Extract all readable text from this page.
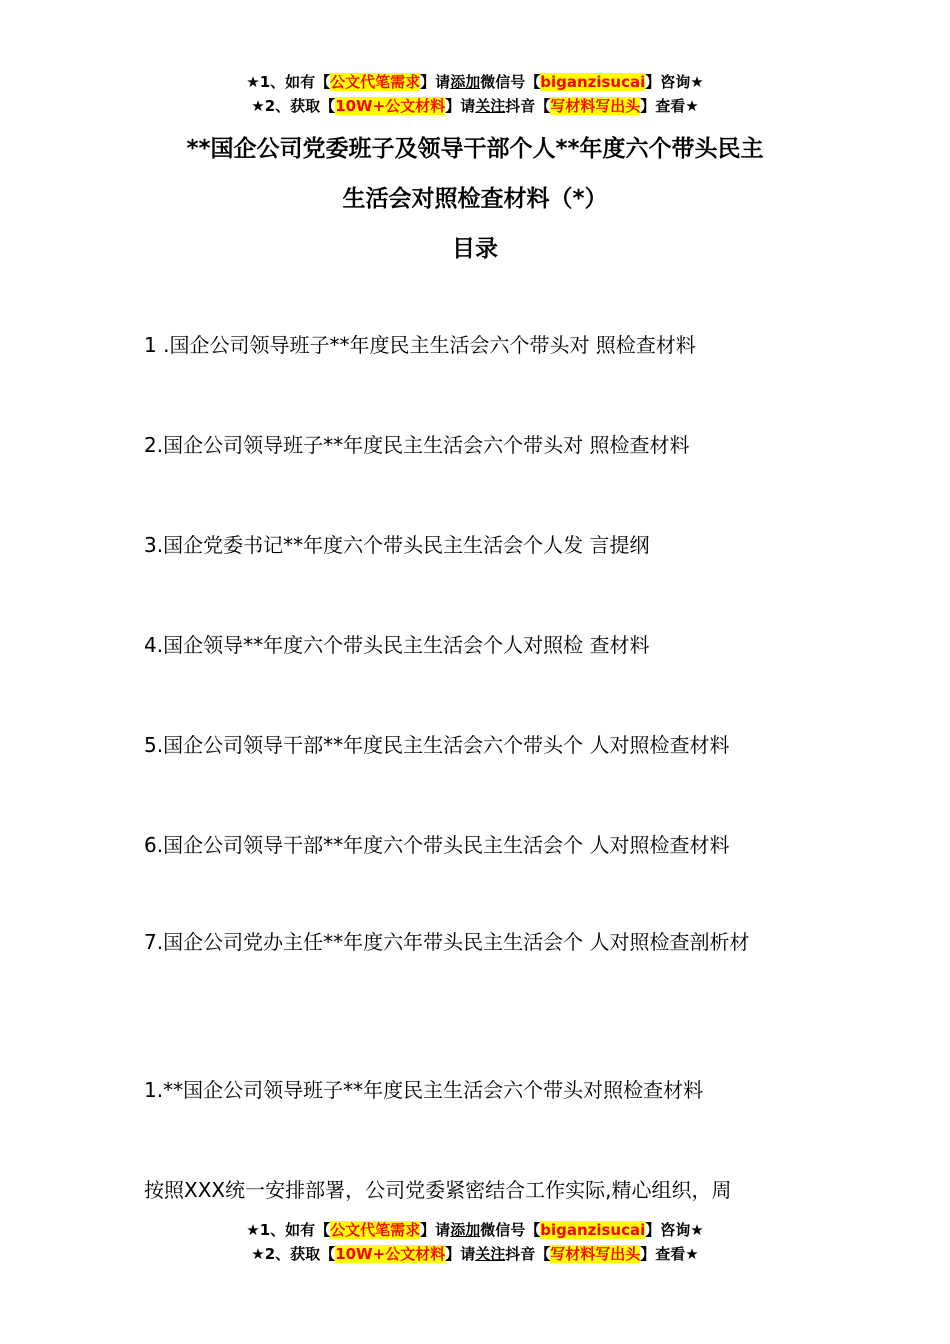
★1、如有【公文代笔需求】请添加微信号【biganzisucai】咨询★
★2、获取【10W+公文材料】请关注抖音【写材料写出头】查看★
**国企公司党委班子及领导干部个人**年度六个带头民主
生活会对照检查材料（*）
目录
1 .国企公司领导班子**年度民主生活会六个带头对 照检查材料
2.国企公司领导班子**年度民主生活会六个带头对 照检查材料
3.国企党委书记**年度六个带头民主生活会个人发 言提纲
4.国企领导**年度六个带头民主生活会个人对照检 查材料
5.国企公司领导干部**年度民主生活会六个带头个 人对照检查材料
6.国企公司领导干部**年度六个带头民主生活会个 人对照检查材料
7.国企公司党办主任**年度六年带头民主生活会个 人对照检查剖析材
1.**国企公司领导班子**年度民主生活会六个带头对照检查材料
按照XXX统一安排部署，公司党委紧密结合工作实际,精心组织，周
★1、如有【公文代笔需求】请添加微信号【biganzisucai】咨询★
★2、获取【10W+公文材料】请关注抖音【写材料写出头】查看★
